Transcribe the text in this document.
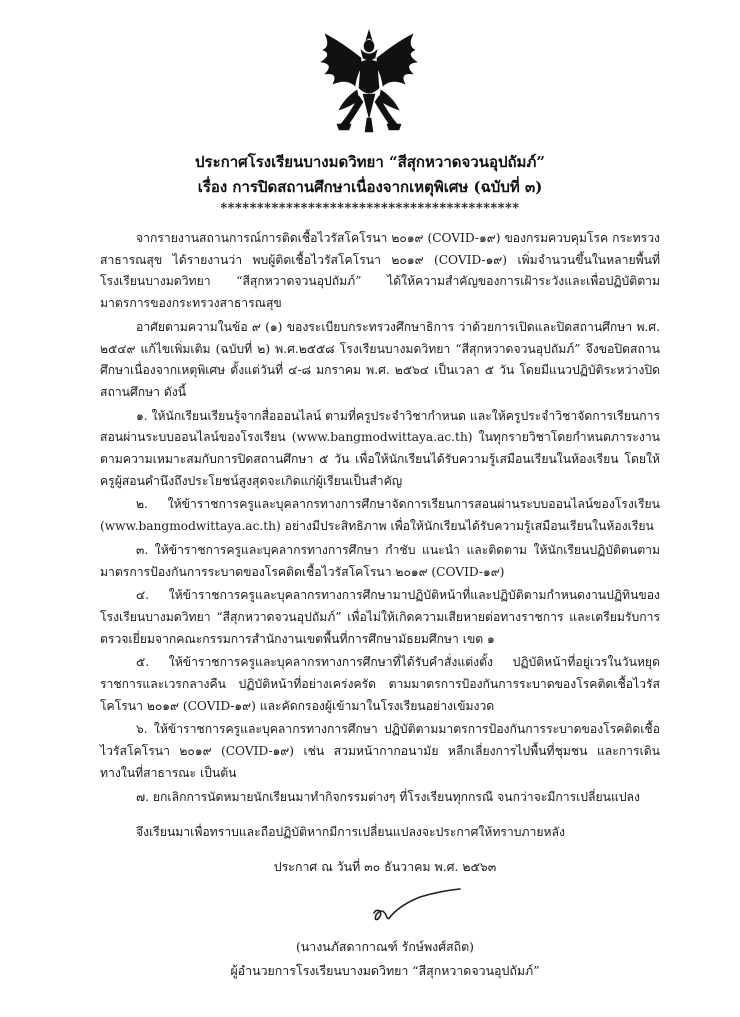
ประกาศโรงเรียนบางมดวิทยา “สีสุกหวาดจวนอุปถัมภ์”
เรื่อง การปิดสถานศึกษาเนื่องจากเหตุพิเศษ (ฉบับที่ ๓)
*****************************************

จากรายงานสถานการณ์การติดเชื้อไวรัสโคโรนา ๒๐๑๙ (COVID-๑๙) ของกรมควบคุมโรค กระทรวงสาธารณสุข ได้รายงานว่า พบผู้ติดเชื้อไวรัสโคโรนา ๒๐๑๙ (COVID-๑๙) เพิ่มจำนวนขึ้นในหลายพื้นที่ โรงเรียนบางมดวิทยา “สีสุกหวาดจวนอุปถัมภ์” ได้ให้ความสำคัญของการเฝ้าระวังและเพื่อปฏิบัติตามมาตรการของกระทรวงสาธารณสุข

อาศัยตามความในข้อ ๙ (๑) ของระเบียบกระทรวงศึกษาธิการ ว่าด้วยการเปิดและปิดสถานศึกษา พ.ศ. ๒๕๔๙ แก้ไขเพิ่มเติม (ฉบับที่ ๒) พ.ศ.๒๕๕๘ โรงเรียนบางมดวิทยา “สีสุกหวาดจวนอุปถัมภ์” จึงขอปิดสถานศึกษาเนื่องจากเหตุพิเศษ ตั้งแต่วันที่ ๔-๘ มกราคม พ.ศ. ๒๕๖๔ เป็นเวลา ๕ วัน โดยมีแนวปฏิบัติระหว่างปิดสถานศึกษา ดังนี้

๑. ให้นักเรียนเรียนรู้จากสื่อออนไลน์ ตามที่ครูประจำวิชากำหนด และให้ครูประจำวิชาจัดการเรียนการสอนผ่านระบบออนไลน์ของโรงเรียน (www.bangmodwittaya.ac.th) ในทุกรายวิชาโดยกำหนดภาระงานตามความเหมาะสมกับการปิดสถานศึกษา ๕ วัน เพื่อให้นักเรียนได้รับความรู้เสมือนเรียนในห้องเรียน โดยให้ครูผู้สอนคำนึงถึงประโยชน์สูงสุดจะเกิดแก่ผู้เรียนเป็นสำคัญ

๒. ให้ข้าราชการครูและบุคลากรทางการศึกษาจัดการเรียนการสอนผ่านระบบออนไลน์ของโรงเรียน (www.bangmodwittaya.ac.th) อย่างมีประสิทธิภาพ เพื่อให้นักเรียนได้รับความรู้เสมือนเรียนในห้องเรียน

๓. ให้ข้าราชการครูและบุคลากรทางการศึกษา กำชับ แนะนำ และติดตาม ให้นักเรียนปฏิบัติตนตามมาตรการป้องกันการระบาดของโรคติดเชื้อไวรัสโคโรนา ๒๐๑๙ (COVID-๑๙)

๔. ให้ข้าราชการครูและบุคลากรทางการศึกษามาปฏิบัติหน้าที่และปฏิบัติตามกำหนดงานปฏิทินของโรงเรียนบางมดวิทยา “สีสุกหวาดจวนอุปถัมภ์” เพื่อไม่ให้เกิดความเสียหายต่อทางราชการ และเตรียมรับการตรวจเยี่ยมจากคณะกรรมการสำนักงานเขตพื้นที่การศึกษามัธยมศึกษา เขต ๑

๕. ให้ข้าราชการครูและบุคลากรทางการศึกษาที่ได้รับคำสั่งแต่งตั้ง ปฏิบัติหน้าที่อยู่เวรในวันหยุดราชการและเวรกลางคืน ปฏิบัติหน้าที่อย่างเคร่งครัด ตามมาตรการป้องกันการระบาดของโรคติดเชื้อไวรัสโคโรนา ๒๐๑๙ (COVID-๑๙) และคัดกรองผู้เข้ามาในโรงเรียนอย่างเข้มงวด

๖. ให้ข้าราชการครูและบุคลากรทางการศึกษา ปฏิบัติตามมาตรการป้องกันการระบาดของโรคติดเชื้อไวรัสโคโรนา ๒๐๑๙ (COVID-๑๙) เช่น สวมหน้ากากอนามัย หลีกเลี่ยงการไปพื้นที่ชุมชน และการเดินทางในที่สาธารณะ เป็นต้น

๗. ยกเลิกการนัดหมายนักเรียนมาทำกิจกรรมต่างๆ ที่โรงเรียนทุกกรณี จนกว่าจะมีการเปลี่ยนแปลง

จึงเรียนมาเพื่อทราบและถือปฏิบัติหากมีการเปลี่ยนแปลงจะประกาศให้ทราบภายหลัง

ประกาศ ณ วันที่ ๓๐ ธันวาคม พ.ศ. ๒๕๖๓
(นางนภัสดากาณฑ์ รักษ์พงศ์สถิต)
ผู้อำนวยการโรงเรียนบางมดวิทยา “สีสุกหวาดจวนอุปถัมภ์”
